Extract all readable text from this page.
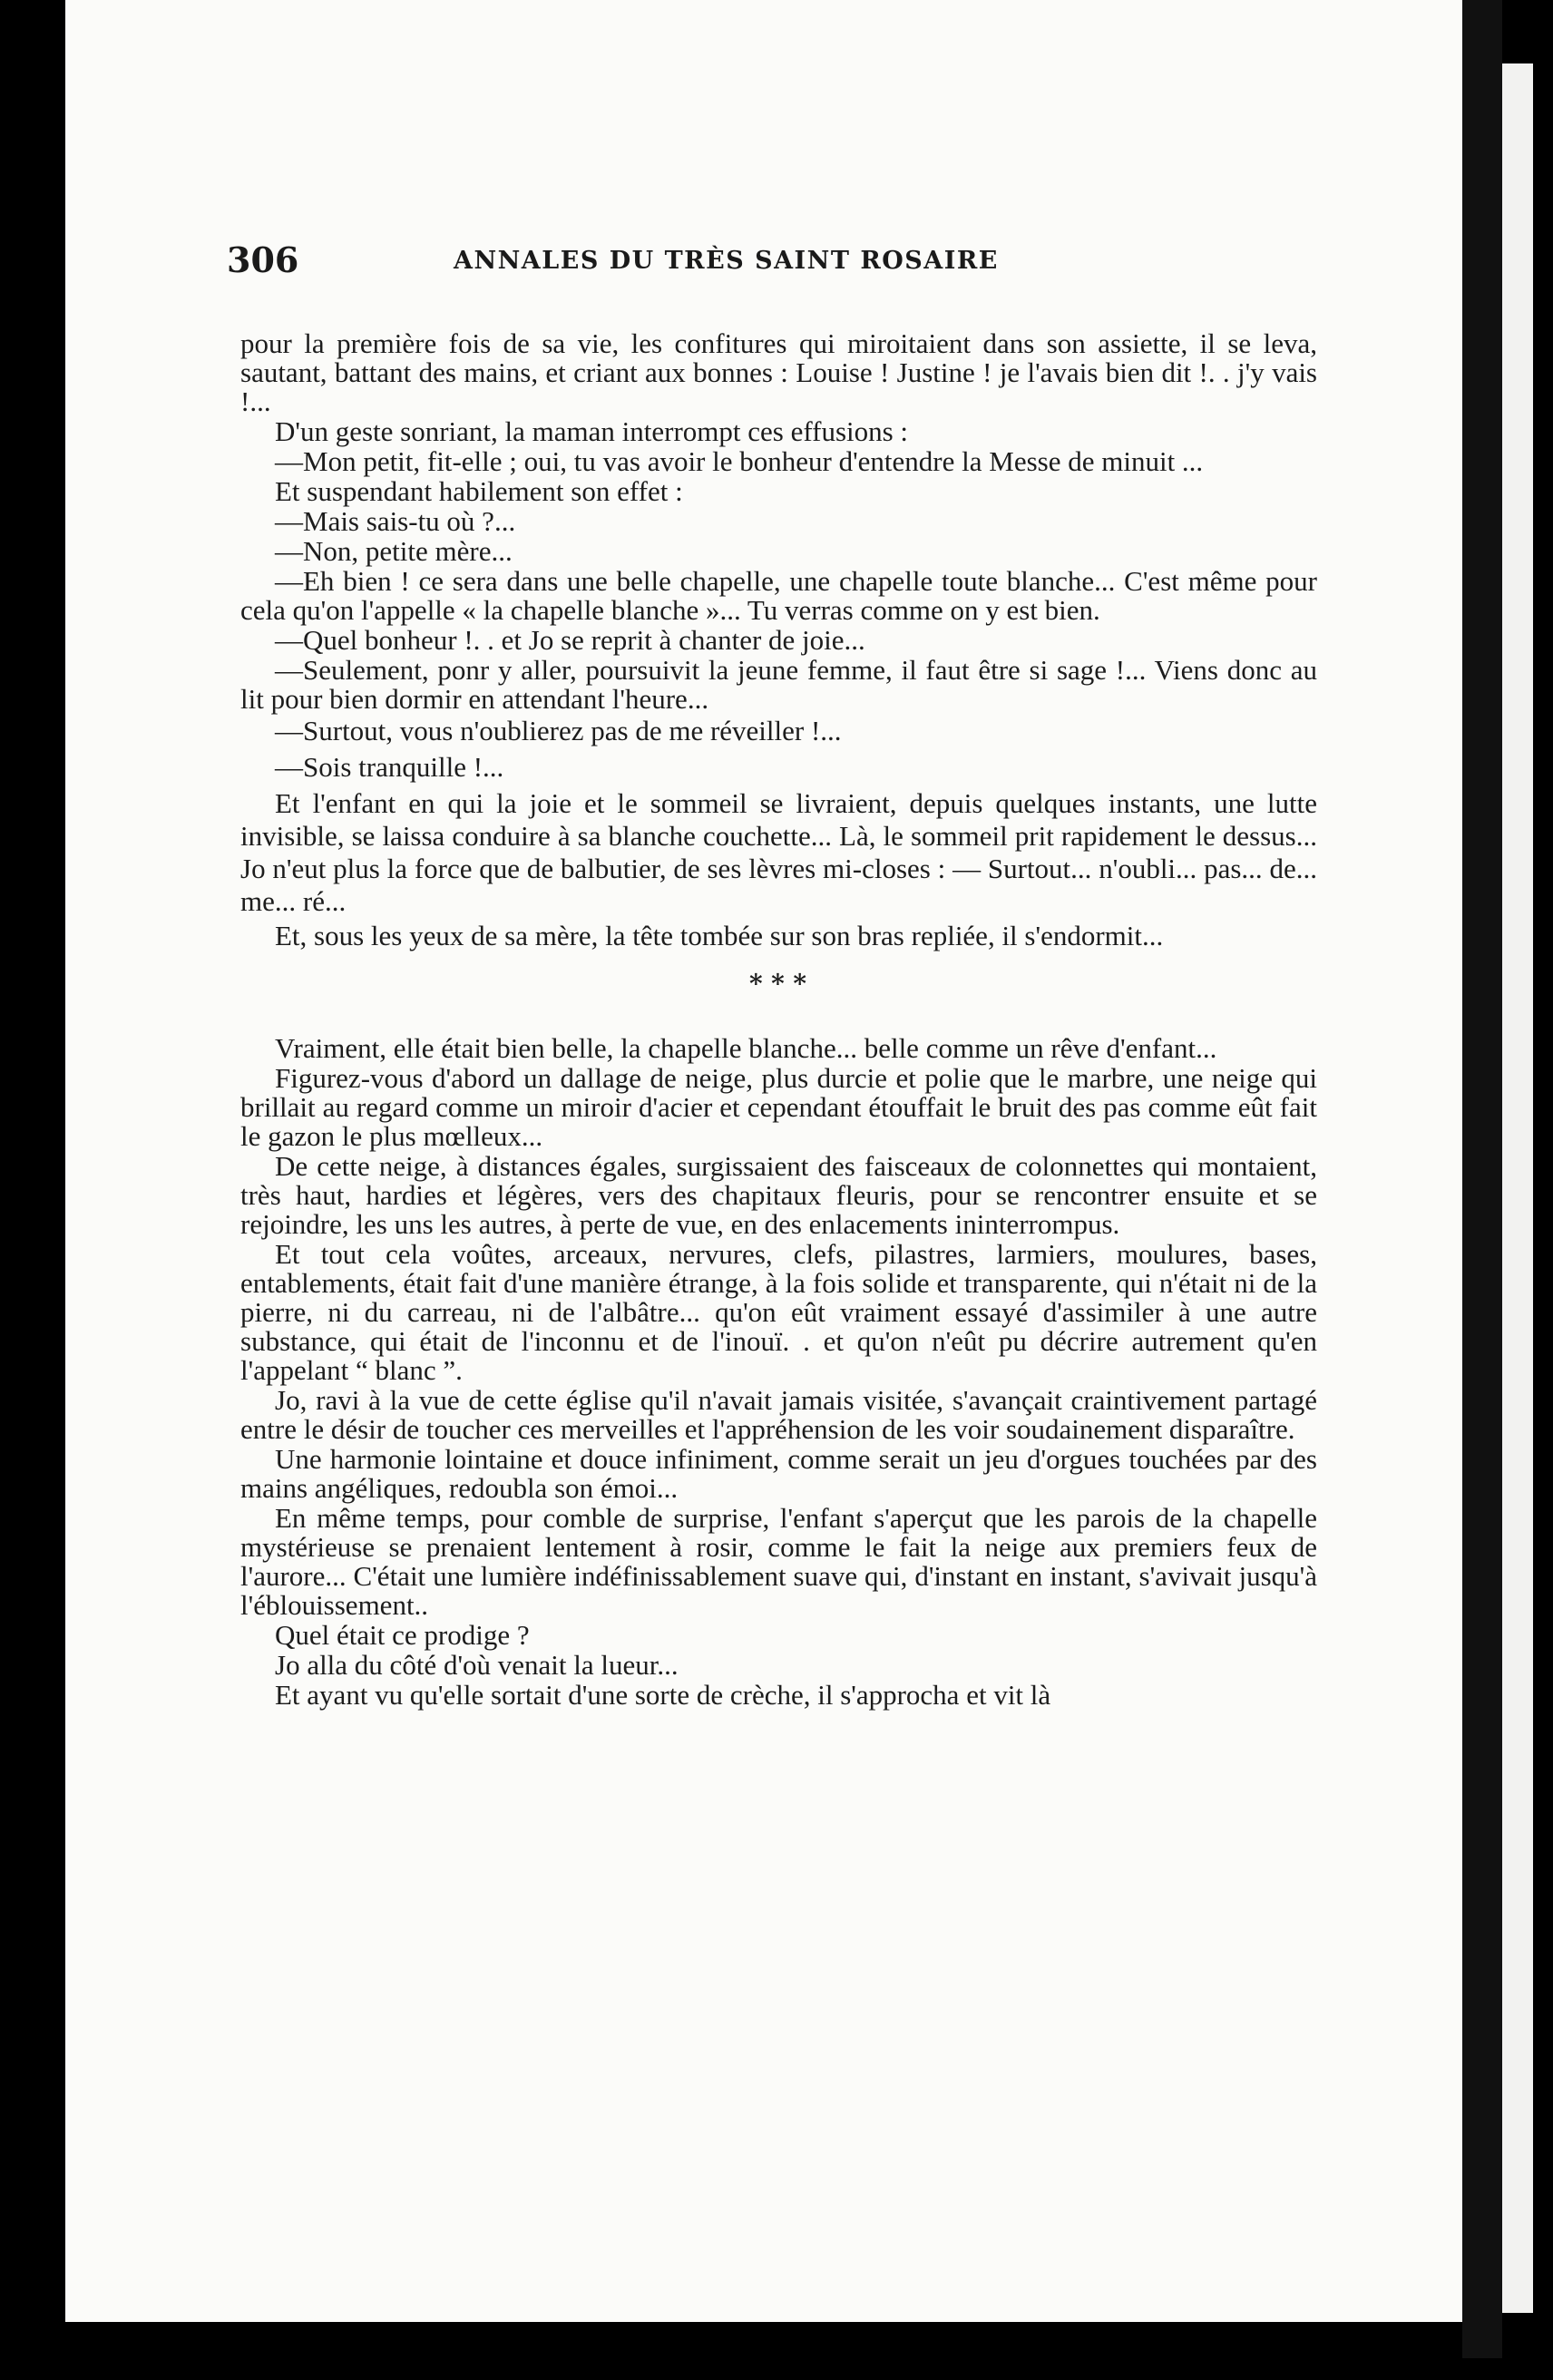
306	ANNALES DU TRÈS SAINT ROSAIRE

pour la première fois de sa vie, les confitures qui miroitaient dans son assiette, il se leva, sautant, battant des mains, et criant aux bonnes : Louise ! Justine ! je l'avais bien dit !. . j'y vais !...

D'un geste sonriant, la maman interrompt ces effusions :

—Mon petit, fit-elle ; oui, tu vas avoir le bonheur d'entendre la Messe de minuit ...

Et suspendant habilement son effet :

—Mais sais-tu où ?...

—Non, petite mère...

—Eh bien ! ce sera dans une belle chapelle, une chapelle toute blanche... C'est même pour cela qu'on l'appelle « la chapelle blanche »... Tu verras comme on y est bien.

—Quel bonheur !. . et Jo se reprit à chanter de joie...

—Seulement, ponr y aller, poursuivit la jeune femme, il faut être si sage !... Viens donc au lit pour bien dormir en attendant l'heure...

—Surtout, vous n'oublierez pas de me réveiller !...

—Sois tranquille !...

Et l'enfant en qui la joie et le sommeil se livraient, depuis quelques instants, une lutte invisible, se laissa conduire à sa blanche couchette... Là, le sommeil prit rapidement le dessus... Jo n'eut plus la force que de balbutier, de ses lèvres mi-closes : — Surtout... n'oubli... pas... de... me... ré...

Et, sous les yeux de sa mère, la tête tombée sur son bras repliée, il s'endormit...

* * *

Vraiment, elle était bien belle, la chapelle blanche... belle comme un rêve d'enfant...

Figurez-vous d'abord un dallage de neige, plus durcie et polie que le marbre, une neige qui brillait au regard comme un miroir d'acier et cependant étouffait le bruit des pas comme eût fait le gazon le plus mœlleux...

De cette neige, à distances égales, surgissaient des faisceaux de colonnettes qui montaient, très haut, hardies et légères, vers des chapitaux fleuris, pour se rencontrer ensuite et se rejoindre, les uns les autres, à perte de vue, en des enlacements ininterrompus.

Et tout cela voûtes, arceaux, nervures, clefs, pilastres, larmiers, moulures, bases, entablements, était fait d'une manière étrange, à la fois solide et transparente, qui n'était ni de la pierre, ni du carreau, ni de l'albâtre... qu'on eût vraiment essayé d'assimiler à une autre substance, qui était de l'inconnu et de l'inouï. . et qu'on n'eût pu décrire autrement qu'en l'appelant “ blanc ”.

Jo, ravi à la vue de cette église qu'il n'avait jamais visitée, s'avançait craintivement partagé entre le désir de toucher ces merveilles et l'appréhension de les voir soudainement disparaître.

Une harmonie lointaine et douce infiniment, comme serait un jeu d'orgues touchées par des mains angéliques, redoubla son émoi...

En même temps, pour comble de surprise, l'enfant s'aperçut que les parois de la chapelle mystérieuse se prenaient lentement à rosir, comme le fait la neige aux premiers feux de l'aurore... C'était une lumière indéfinissablement suave qui, d'instant en instant, s'avivait jusqu'à l'éblouissement..

Quel était ce prodige ?

Jo alla du côté d'où venait la lueur...

Et ayant vu qu'elle sortait d'une sorte de crèche, il s'approcha et vit là
